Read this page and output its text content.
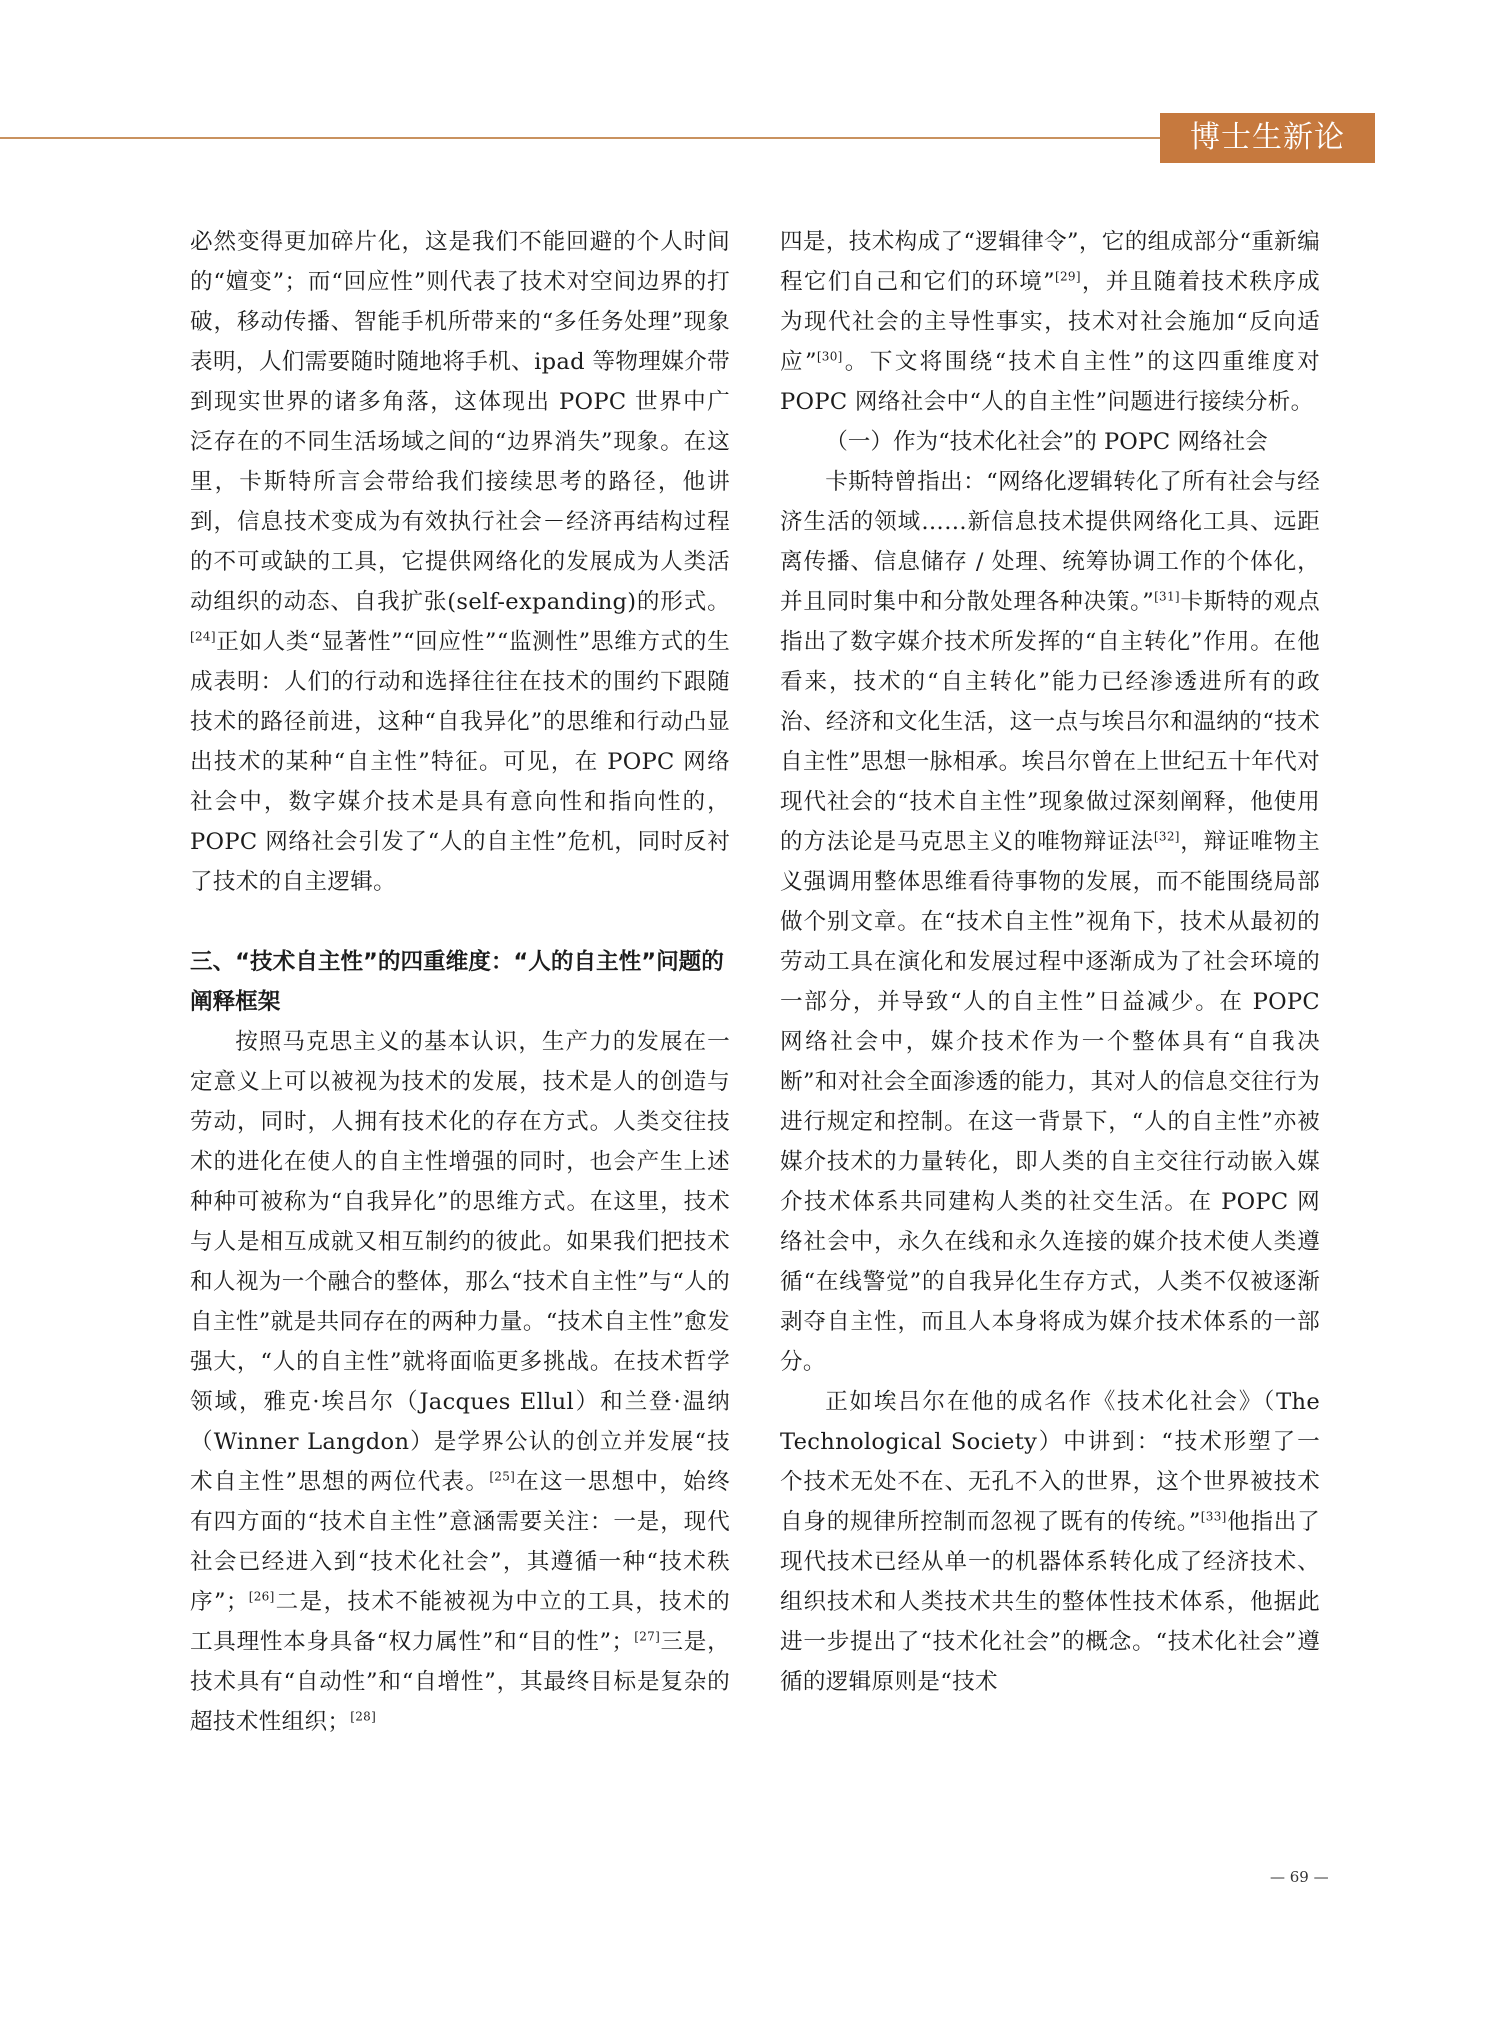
博士生新论

必然变得更加碎片化，这是我们不能回避的个人时间的“嬗变”；而“回应性”则代表了技术对空间边界的打破，移动传播、智能手机所带来的“多任务处理”现象表明，人们需要随时随地将手机、ipad 等物理媒介带到现实世界的诸多角落，这体现出 POPC 世界中广泛存在的不同生活场域之间的“边界消失”现象。在这里，卡斯特所言会带给我们接续思考的路径，他讲到，信息技术变成为有效执行社会－经济再结构过程的不可或缺的工具，它提供网络化的发展成为人类活动组织的动态、自我扩张(self-expanding)的形式。[24]正如人类“显著性”“回应性”“监测性”思维方式的生成表明：人们的行动和选择往往在技术的围约下跟随技术的路径前进，这种“自我异化”的思维和行动凸显出技术的某种“自主性”特征。可见，在 POPC 网络社会中，数字媒介技术是具有意向性和指向性的，POPC 网络社会引发了“人的自主性”危机，同时反衬了技术的自主逻辑。

三、“技术自主性”的四重维度：“人的自主性”问题的阐释框架

按照马克思主义的基本认识，生产力的发展在一定意义上可以被视为技术的发展，技术是人的创造与劳动，同时，人拥有技术化的存在方式。人类交往技术的进化在使人的自主性增强的同时，也会产生上述种种可被称为“自我异化”的思维方式。在这里，技术与人是相互成就又相互制约的彼此。如果我们把技术和人视为一个融合的整体，那么“技术自主性”与“人的自主性”就是共同存在的两种力量。“技术自主性”愈发强大，“人的自主性”就将面临更多挑战。在技术哲学领域，雅克·埃吕尔（Jacques Ellul）和兰登·温纳（Winner Langdon）是学界公认的创立并发展“技术自主性”思想的两位代表。[25]在这一思想中，始终有四方面的“技术自主性”意涵需要关注：一是，现代社会已经进入到“技术化社会”，其遵循一种“技术秩序”；[26]二是，技术不能被视为中立的工具，技术的工具理性本身具备“权力属性”和“目的性”；[27]三是，技术具有“自动性”和“自增性”，其最终目标是复杂的超技术性组织；[28]

四是，技术构成了“逻辑律令”，它的组成部分“重新编程它们自己和它们的环境”[29]，并且随着技术秩序成为现代社会的主导性事实，技术对社会施加“反向适应”[30]。下文将围绕“技术自主性”的这四重维度对 POPC 网络社会中“人的自主性”问题进行接续分析。

（一）作为“技术化社会”的 POPC 网络社会

卡斯特曾指出：“网络化逻辑转化了所有社会与经济生活的领域……新信息技术提供网络化工具、远距离传播、信息储存 / 处理、统筹协调工作的个体化，并且同时集中和分散处理各种决策。”[31]卡斯特的观点指出了数字媒介技术所发挥的“自主转化”作用。在他看来，技术的“自主转化”能力已经渗透进所有的政治、经济和文化生活，这一点与埃吕尔和温纳的“技术自主性”思想一脉相承。埃吕尔曾在上世纪五十年代对现代社会的“技术自主性”现象做过深刻阐释，他使用的方法论是马克思主义的唯物辩证法[32]，辩证唯物主义强调用整体思维看待事物的发展，而不能围绕局部做个别文章。在“技术自主性”视角下，技术从最初的劳动工具在演化和发展过程中逐渐成为了社会环境的一部分，并导致“人的自主性”日益减少。在 POPC 网络社会中，媒介技术作为一个整体具有“自我决断”和对社会全面渗透的能力，其对人的信息交往行为进行规定和控制。在这一背景下，“人的自主性”亦被媒介技术的力量转化，即人类的自主交往行动嵌入媒介技术体系共同建构人类的社交生活。在 POPC 网络社会中，永久在线和永久连接的媒介技术使人类遵循“在线警觉”的自我异化生存方式，人类不仅被逐渐剥夺自主性，而且人本身将成为媒介技术体系的一部分。

正如埃吕尔在他的成名作《技术化社会》（The Technological Society）中讲到：“技术形塑了一个技术无处不在、无孔不入的世界，这个世界被技术自身的规律所控制而忽视了既有的传统。”[33]他指出了现代技术已经从单一的机器体系转化成了经济技术、组织技术和人类技术共生的整体性技术体系，他据此进一步提出了“技术化社会”的概念。“技术化社会”遵循的逻辑原则是“技术

— 69 —
